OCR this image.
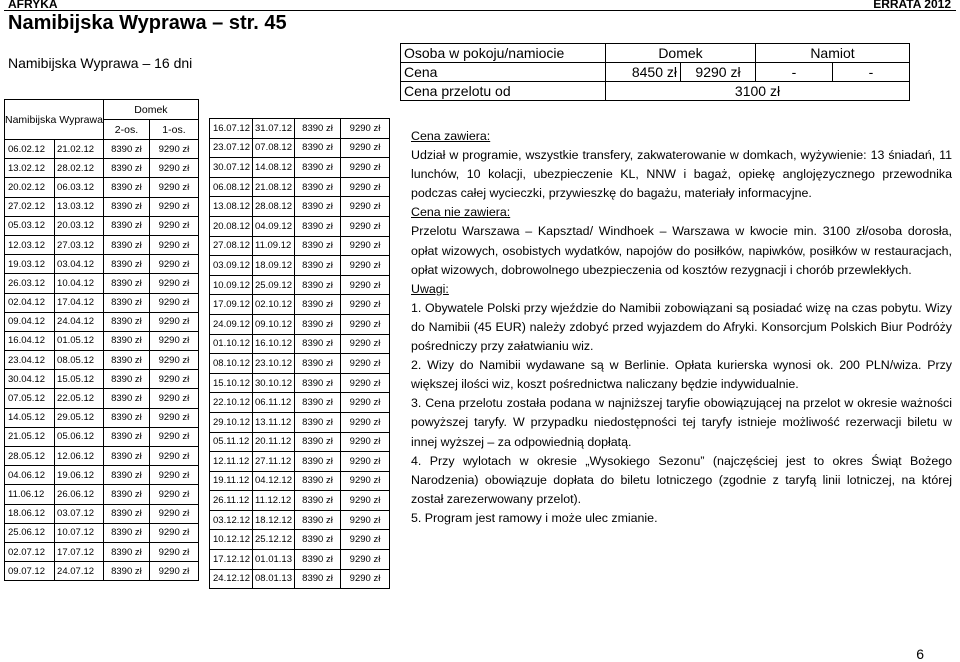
AFRYKA	ERRATA 2012
Namibijska Wyprawa – str. 45
Namibijska Wyprawa – 16 dni
Osoba w pokoju/namiocie	Domek		Namiot	
Cena	8450 zł	9290 zł	-	-
Cena przelotu od	3100 zł			
Namibijska Wyprawa		Domek	
		2-os.	1-os.
06.02.12	21.02.12	8390 zł	9290 zł
13.02.12	28.02.12	8390 zł	9290 zł
20.02.12	06.03.12	8390 zł	9290 zł
27.02.12	13.03.12	8390 zł	9290 zł
05.03.12	20.03.12	8390 zł	9290 zł
12.03.12	27.03.12	8390 zł	9290 zł
19.03.12	03.04.12	8390 zł	9290 zł
26.03.12	10.04.12	8390 zł	9290 zł
02.04.12	17.04.12	8390 zł	9290 zł
09.04.12	24.04.12	8390 zł	9290 zł
16.04.12	01.05.12	8390 zł	9290 zł
23.04.12	08.05.12	8390 zł	9290 zł
30.04.12	15.05.12	8390 zł	9290 zł
07.05.12	22.05.12	8390 zł	9290 zł
14.05.12	29.05.12	8390 zł	9290 zł
21.05.12	05.06.12	8390 zł	9290 zł
28.05.12	12.06.12	8390 zł	9290 zł
04.06.12	19.06.12	8390 zł	9290 zł
11.06.12	26.06.12	8390 zł	9290 zł
18.06.12	03.07.12	8390 zł	9290 zł
25.06.12	10.07.12	8390 zł	9290 zł
02.07.12	17.07.12	8390 zł	9290 zł
09.07.12	24.07.12	8390 zł	9290 zł
16.07.12	31.07.12	8390 zł	9290 zł
23.07.12	07.08.12	8390 zł	9290 zł
30.07.12	14.08.12	8390 zł	9290 zł
06.08.12	21.08.12	8390 zł	9290 zł
13.08.12	28.08.12	8390 zł	9290 zł
20.08.12	04.09.12	8390 zł	9290 zł
27.08.12	11.09.12	8390 zł	9290 zł
03.09.12	18.09.12	8390 zł	9290 zł
10.09.12	25.09.12	8390 zł	9290 zł
17.09.12	02.10.12	8390 zł	9290 zł
24.09.12	09.10.12	8390 zł	9290 zł
01.10.12	16.10.12	8390 zł	9290 zł
08.10.12	23.10.12	8390 zł	9290 zł
15.10.12	30.10.12	8390 zł	9290 zł
22.10.12	06.11.12	8390 zł	9290 zł
29.10.12	13.11.12	8390 zł	9290 zł
05.11.12	20.11.12	8390 zł	9290 zł
12.11.12	27.11.12	8390 zł	9290 zł
19.11.12	04.12.12	8390 zł	9290 zł
26.11.12	11.12.12	8390 zł	9290 zł
03.12.12	18.12.12	8390 zł	9290 zł
10.12.12	25.12.12	8390 zł	9290 zł
17.12.12	01.01.13	8390 zł	9290 zł
24.12.12	08.01.13	8390 zł	9290 zł

Cena zawiera:

Udział w programie, wszystkie transfery, zakwaterowanie w domkach, wyżywienie: 13 śniadań, 11 lunchów, 10 kolacji, ubezpieczenie KL, NNW i bagaż, opiekę anglojęzycznego przewodnika podczas całej wycieczki, przywieszkę do bagażu, materiały informacyjne.

Cena nie zawiera:

Przelotu Warszawa – Kapsztad/ Windhoek – Warszawa w kwocie min. 3100 zł/osoba dorosła, opłat wizowych, osobistych wydatków, napojów do posiłków, napiwków, posiłków w restauracjach, opłat wizowych, dobrowolnego ubezpieczenia od kosztów rezygnacji i chorób przewlekłych.

Uwagi:

1. Obywatele Polski przy wjeździe do Namibii zobowiązani są posiadać wizę na czas pobytu. Wizy do Namibii (45 EUR) należy zdobyć przed wyjazdem do Afryki. Konsorcjum Polskich Biur Podróży pośredniczy przy załatwianiu wiz.

2. Wizy do Namibii wydawane są w Berlinie. Opłata kurierska wynosi ok. 200 PLN/wiza. Przy większej ilości wiz, koszt pośrednictwa naliczany będzie indywidualnie.

3. Cena przelotu została podana w najniższej taryfie obowiązującej na przelot w okresie ważności powyższej taryfy. W przypadku niedostępności tej taryfy istnieje możliwość rezerwacji biletu w innej wyższej – za odpowiednią dopłatą.

4. Przy wylotach w okresie „Wysokiego Sezonu” (najczęściej jest to okres Świąt Bożego Narodzenia) obowiązuje dopłata do biletu lotniczego (zgodnie z taryfą linii lotniczej, na której został zarezerwowany przelot).

5. Program jest ramowy i może ulec zmianie.

6
